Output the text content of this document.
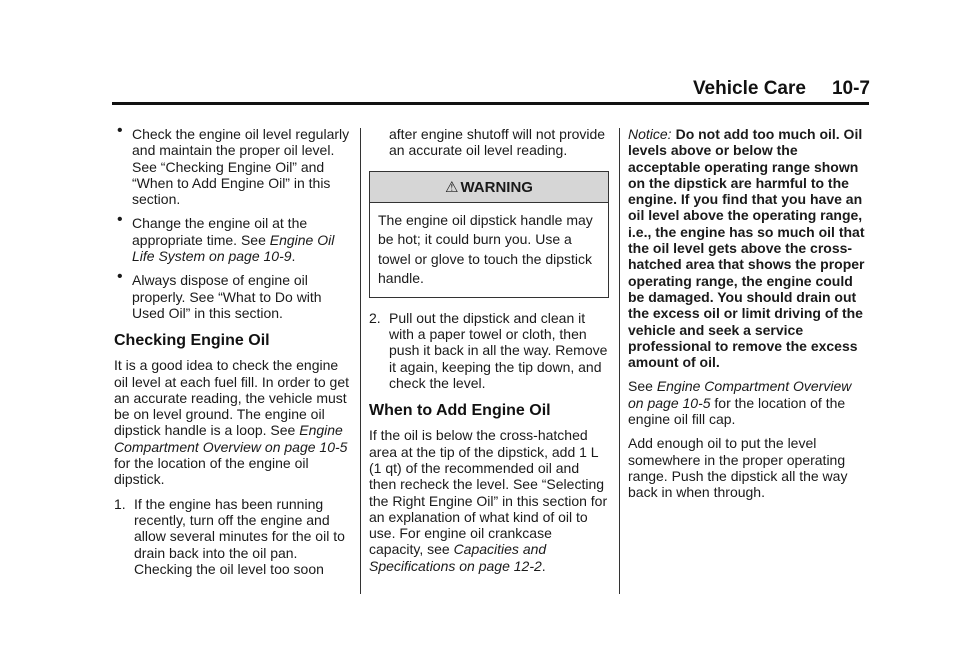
Vehicle Care 10-7
• Check the engine oil level regularly and maintain the proper oil level. See “Checking Engine Oil” and “When to Add Engine Oil” in this section.
• Change the engine oil at the appropriate time. See Engine Oil Life System on page 10-9.
• Always dispose of engine oil properly. See “What to Do with Used Oil” in this section.
Checking Engine Oil

It is a good idea to check the engine oil level at each fuel fill. In order to get an accurate reading, the vehicle must be on level ground. The engine oil dipstick handle is a loop. See Engine Compartment Overview on page 10-5 for the location of the engine oil dipstick.

1. If the engine has been running recently, turn off the engine and allow several minutes for the oil to drain back into the oil pan. Checking the oil level too soon

after engine shutoff will not provide an accurate oil level reading.

⚠ WARNING
The engine oil dipstick handle may be hot; it could burn you. Use a towel or glove to touch the dipstick handle.
2. Pull out the dipstick and clean it with a paper towel or cloth, then push it back in all the way. Remove it again, keeping the tip down, and check the level.
When to Add Engine Oil

If the oil is below the cross-hatched area at the tip of the dipstick, add 1 L (1 qt) of the recommended oil and then recheck the level. See “Selecting the Right Engine Oil” in this section for an explanation of what kind of oil to use. For engine oil crankcase capacity, see Capacities and Specifications on page 12-2.

Notice: Do not add too much oil. Oil levels above or below the acceptable operating range shown on the dipstick are harmful to the engine. If you find that you have an oil level above the operating range, i.e., the engine has so much oil that the oil level gets above the cross-hatched area that shows the proper operating range, the engine could be damaged. You should drain out the excess oil or limit driving of the vehicle and seek a service professional to remove the excess amount of oil.

See Engine Compartment Overview on page 10-5 for the location of the engine oil fill cap.

Add enough oil to put the level somewhere in the proper operating range. Push the dipstick all the way back in when through.
